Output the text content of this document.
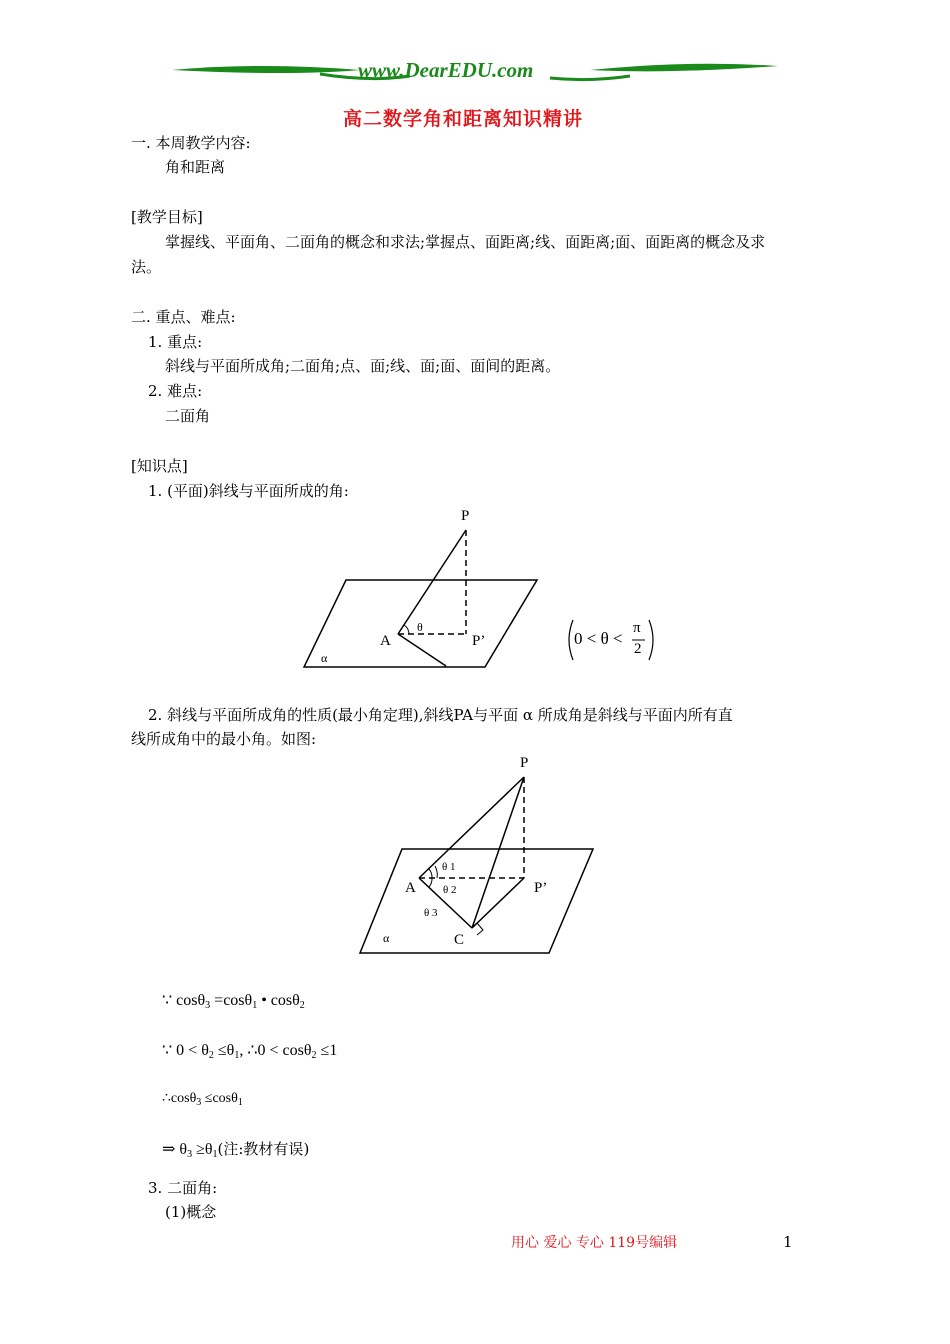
www.DearEDU.com
高二数学角和距离知识精讲
一. 本周教学内容:
角和距离
[教学目标]
掌握线、平面角、二面角的概念和求法;掌握点、面距离;线、面距离;面、面距离的概念及求
法。
二. 重点、难点:
1. 重点:
斜线与平面所成角;二面角;点、面;线、面;面、面间的距离。
2. 难点:
二面角
[知识点]
1. (平面)斜线与平面所成的角:
P
A	P’
θ
α
0 < θ <
π
2
2. 斜线与平面所成角的性质(最小角定理),斜线PA与平面 α 所成角是斜线与平面内所有直
线所成角中的最小角。如图:
P
A	P’
C
α
θ 1
θ 2
θ 3
∵ cosθ$_3$ =cosθ$_1$ • cosθ$_2$
∵ $0 < \theta_2 \le\theta_1$, ∴0 < cosθ$_2$ ≤1
∴cosθ$_3$ ≤cosθ$_1$
⇒ $\theta_3 \ge\theta_1$(注:教材有误)
3. 二面角:
(1)概念
用心 爱心 专心 119号编辑	1
